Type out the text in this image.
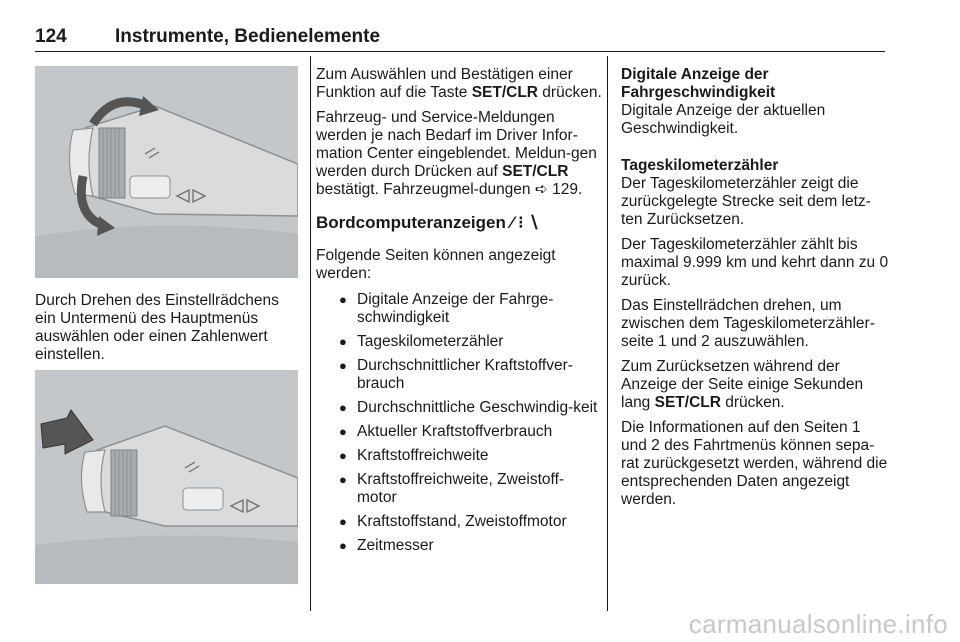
124	Instrumente, Bedienelemente
Durch Drehen des Einstellrädchens ein Untermenü des Hauptmenüs auswählen oder einen Zahlenwert einstellen.

Zum Auswählen und Bestätigen einer Funktion auf die Taste SET/CLR drücken.

Fahrzeug- und Service-Meldungen werden je nach Bedarf im Driver Infor-mation Center eingeblendet. Meldun-gen werden durch Drücken auf SET/CLR bestätigt. Fahrzeugmel-dungen ➪ 129.

Bordcomputeranzeigen ⁄ ⁝ ∖

Folgende Seiten können angezeigt werden:

● Digitale Anzeige der Fahrge-schwindigkeit
● Tageskilometerzähler
● Durchschnittlicher Kraftstoffver-brauch
● Durchschnittliche Geschwindig-keit
● Aktueller Kraftstoffverbrauch
● Kraftstoffreichweite
● Kraftstoffreichweite, Zweistoff-motor
● Kraftstoffstand, Zweistoffmotor
● Zeitmesser
Digitale Anzeige der Fahrgeschwindigkeit

Digitale Anzeige der aktuellen Geschwindigkeit.

Tageskilometerzähler

Der Tageskilometerzähler zeigt die zurückgelegte Strecke seit dem letz-ten Zurücksetzen.

Der Tageskilometerzähler zählt bis maximal 9.999 km und kehrt dann zu 0 zurück.

Das Einstellrädchen drehen, um zwischen dem Tageskilometerzähler-seite 1 und 2 auszuwählen.

Zum Zurücksetzen während der Anzeige der Seite einige Sekunden lang SET/CLR drücken.

Die Informationen auf den Seiten 1 und 2 des Fahrtmenüs können sepa-rat zurückgesetzt werden, während die entsprechenden Daten angezeigt werden.

carmanualsonline.info
